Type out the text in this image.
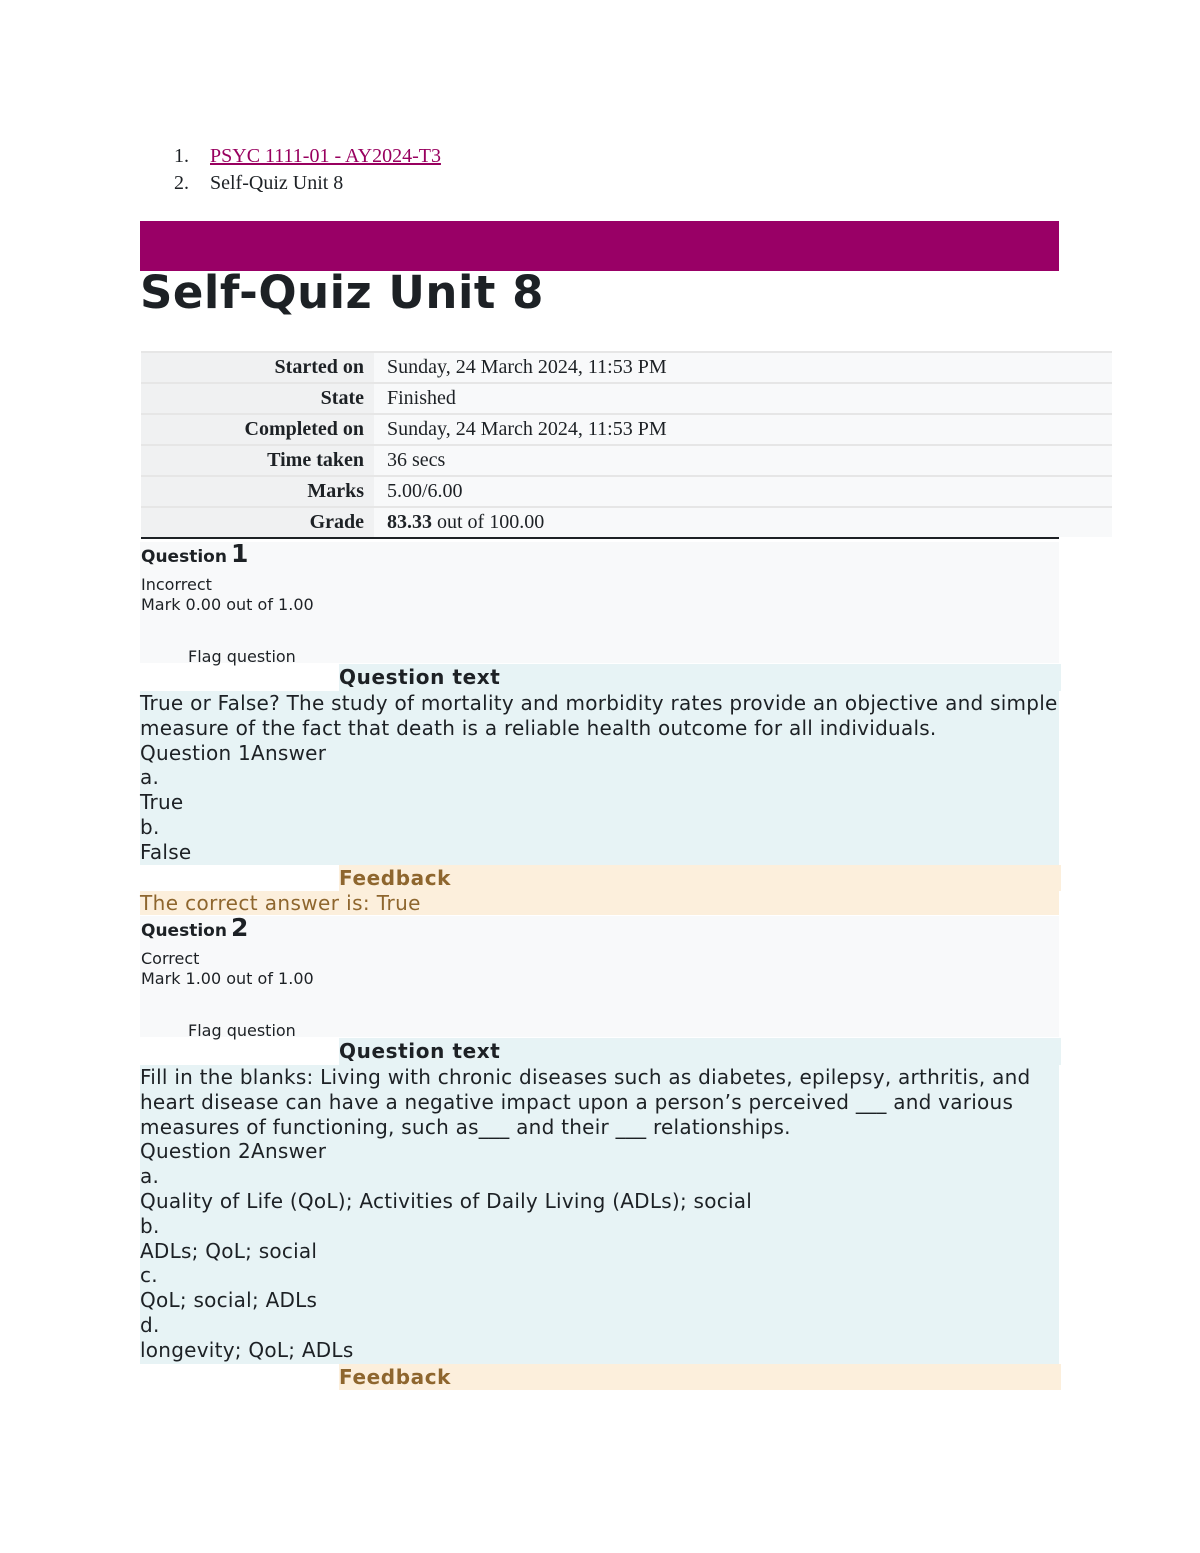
1. PSYC 1111-01 - AY2024-T3
2. Self-Quiz Unit 8
Self-Quiz Unit 8
Started on	Sunday, 24 March 2024, 11:53 PM
State	Finished
Completed on	Sunday, 24 March 2024, 11:53 PM
Time taken	36 secs
Marks	5.00/6.00
Grade	83.33 out of 100.00
Question 1
Incorrect
Mark 0.00 out of 1.00
Flag question
Question text

True or False? The study of mortality and morbidity rates provide an objective and simple measure of the fact that death is a reliable health outcome for all individuals.

Question 1Answer

a.

True

b.

False

Feedback
The correct answer is: True
Question 2
Correct
Mark 1.00 out of 1.00
Flag question
Question text

Fill in the blanks: Living with chronic diseases such as diabetes, epilepsy, arthritis, and heart disease can have a negative impact upon a person’s perceived ___ and various measures of functioning, such as___ and their ___ relationships.

Question 2Answer

a.

Quality of Life (QoL); Activities of Daily Living (ADLs); social

b.

ADLs; QoL; social

c.

QoL; social; ADLs

d.

longevity; QoL; ADLs

Feedback
